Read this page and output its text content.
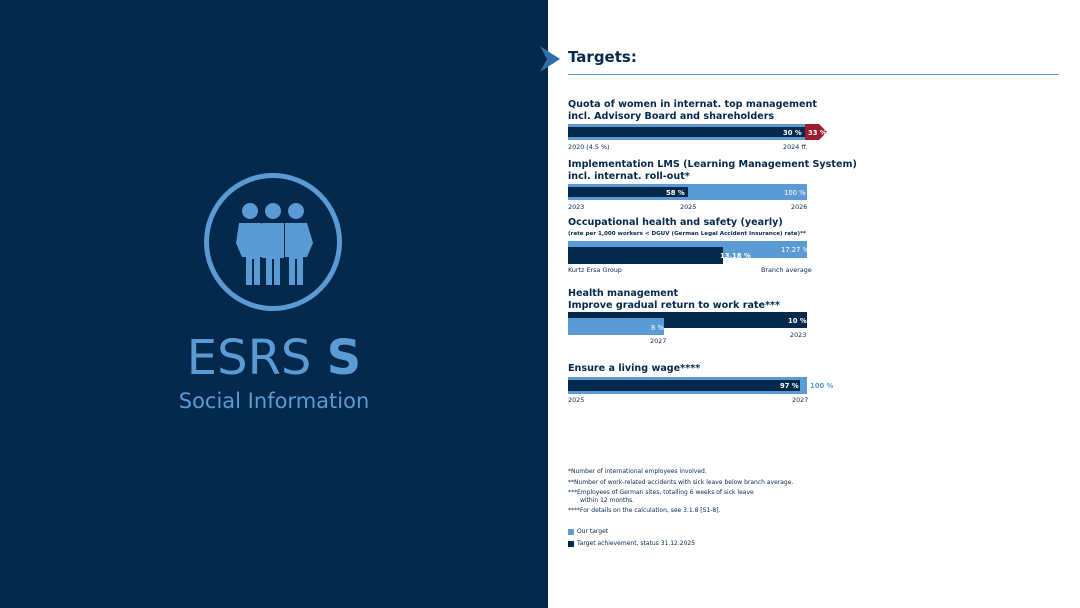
ESRS S
Social Information
Targets:
Quota of women in internat. top management
incl. Advisory Board and shareholders
30 % 33 %
2020 (4.5 %)	2024 ff.
Implementation LMS (Learning Management System)
incl. internat. roll-out*
58 %	100 %
2023	2025	2026
Occupational health and safety (yearly)
(rate per 1,000 workers < DGUV (German Legal Accident Insurance) rate)**
17.27 %
13.18 %
Kurtz Ersa Group	Branch average
Health management
Improve gradual return to work rate***
10 %
8 %
2027
2023
Ensure a living wage****
97 % 100 %
2025	2027
*Number of international employees involved.
**Number of work-related accidents with sick leave below branch average.
***Employees of German sites, totalling 6 weeks of sick leave
within 12 months.
****For details on the calculation, see 3.1.8 [S1-8].
Our target
Target achievement, status 31.12.2025
